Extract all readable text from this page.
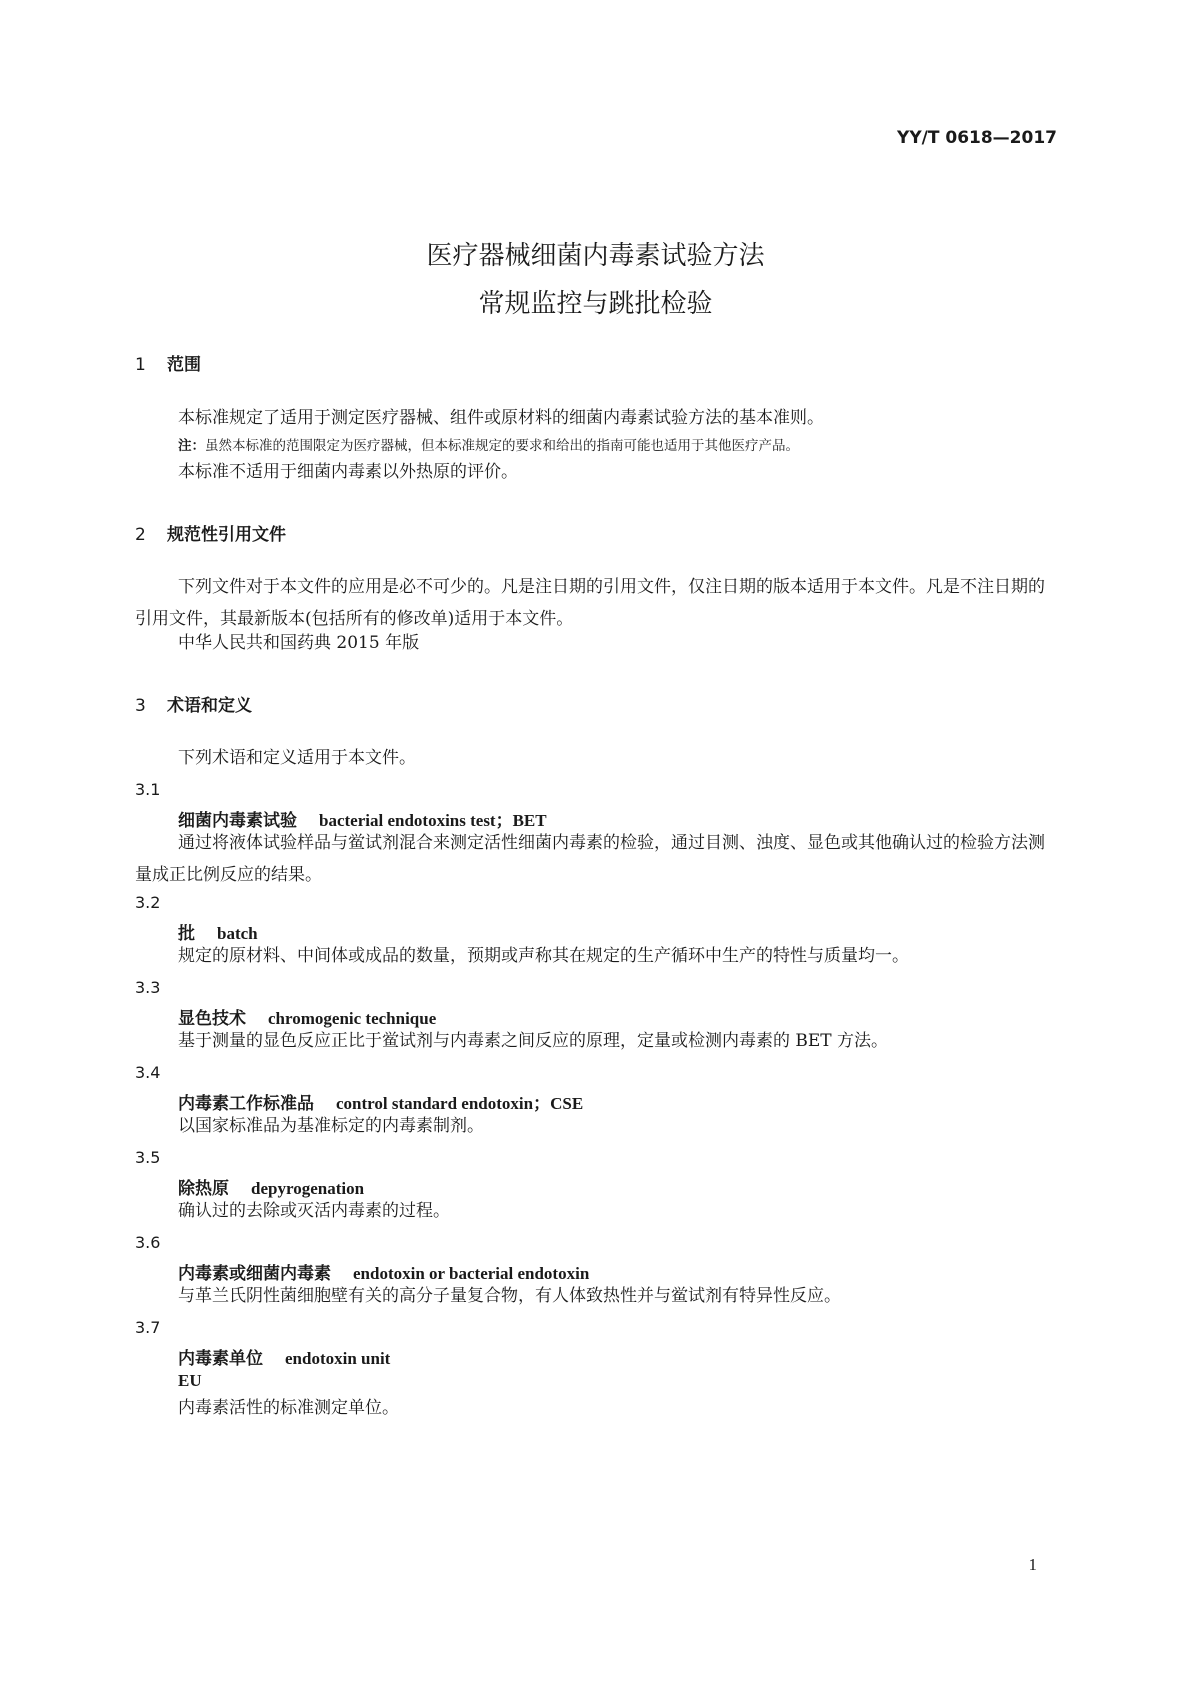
YY/T 0618—2017
医疗器械细菌内毒素试验方法
常规监控与跳批检验
1 范围
本标准规定了适用于测定医疗器械、组件或原材料的细菌内毒素试验方法的基本准则。
注：虽然本标准的范围限定为医疗器械，但本标准规定的要求和给出的指南可能也适用于其他医疗产品。
本标准不适用于细菌内毒素以外热原的评价。
2 规范性引用文件
下列文件对于本文件的应用是必不可少的。凡是注日期的引用文件，仅注日期的版本适用于本文件。凡是不注日期的引用文件，其最新版本(包括所有的修改单)适用于本文件。
中华人民共和国药典 2015 年版
3 术语和定义
下列术语和定义适用于本文件。
3.1
细菌内毒素试验 bacterial endotoxins test；BET
通过将液体试验样品与鲎试剂混合来测定活性细菌内毒素的检验，通过目测、浊度、显色或其他确认过的检验方法测量成正比例反应的结果。
3.2
批 batch
规定的原材料、中间体或成品的数量，预期或声称其在规定的生产循环中生产的特性与质量均一。
3.3
显色技术 chromogenic technique
基于测量的显色反应正比于鲎试剂与内毒素之间反应的原理，定量或检测内毒素的 BET 方法。
3.4
内毒素工作标准品 control standard endotoxin；CSE
以国家标准品为基准标定的内毒素制剂。
3.5
除热原 depyrogenation
确认过的去除或灭活内毒素的过程。
3.6
内毒素或细菌内毒素 endotoxin or bacterial endotoxin
与革兰氏阴性菌细胞壁有关的高分子量复合物，有人体致热性并与鲎试剂有特异性反应。
3.7
内毒素单位 endotoxin unit
EU
内毒素活性的标准测定单位。
1
